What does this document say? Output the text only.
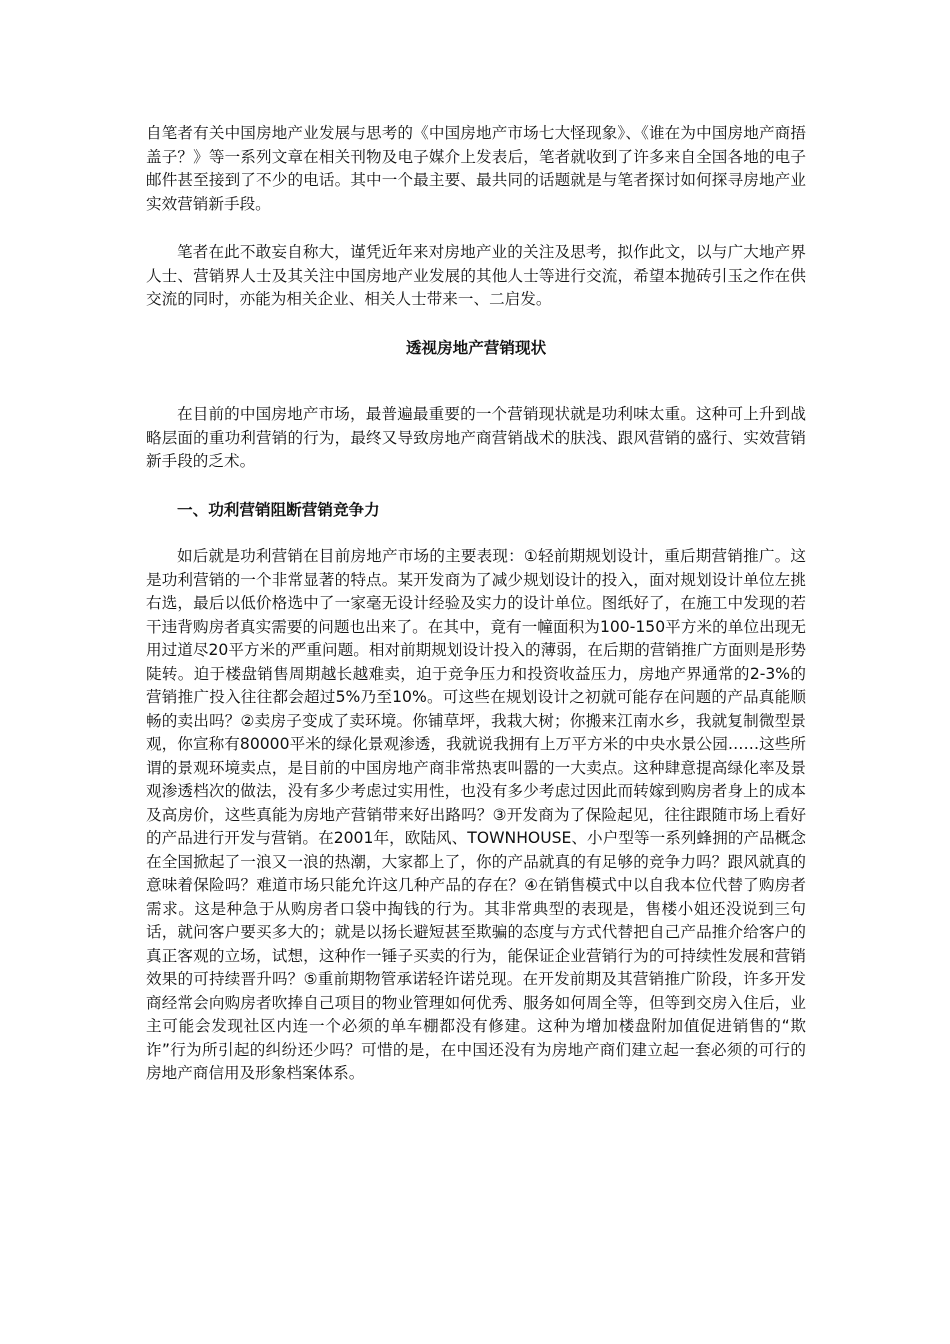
自笔者有关中国房地产业发展与思考的《中国房地产市场七大怪现象》、《谁在为中国房地产商捂盖子？》等一系列文章在相关刊物及电子媒介上发表后，笔者就收到了许多来自全国各地的电子邮件甚至接到了不少的电话。其中一个最主要、最共同的话题就是与笔者探讨如何探寻房地产业实效营销新手段。

笔者在此不敢妄自称大，谨凭近年来对房地产业的关注及思考，拟作此文，以与广大地产界人士、营销界人士及其关注中国房地产业发展的其他人士等进行交流，希望本抛砖引玉之作在供交流的同时，亦能为相关企业、相关人士带来一、二启发。

透视房地产营销现状

在目前的中国房地产市场，最普遍最重要的一个营销现状就是功利味太重。这种可上升到战略层面的重功利营销的行为，最终又导致房地产商营销战术的肤浅、跟风营销的盛行、实效营销新手段的乏术。

一、功利营销阻断营销竞争力

如后就是功利营销在目前房地产市场的主要表现：①轻前期规划设计，重后期营销推广。这是功利营销的一个非常显著的特点。某开发商为了减少规划设计的投入，面对规划设计单位左挑右选，最后以低价格选中了一家毫无设计经验及实力的设计单位。图纸好了，在施工中发现的若干违背购房者真实需要的问题也出来了。在其中，竟有一幢面积为100-150平方米的单位出现无用过道尽20平方米的严重问题。相对前期规划设计投入的薄弱，在后期的营销推广方面则是形势陡转。迫于楼盘销售周期越长越难卖，迫于竞争压力和投资收益压力，房地产界通常的2-3%的营销推广投入往往都会超过5%乃至10%。可这些在规划设计之初就可能存在问题的产品真能顺畅的卖出吗？②卖房子变成了卖环境。你铺草坪，我栽大树；你搬来江南水乡，我就复制微型景观，你宣称有80000平米的绿化景观渗透，我就说我拥有上万平方米的中央水景公园……这些所谓的景观环境卖点，是目前的中国房地产商非常热衷叫嚣的一大卖点。这种肆意提高绿化率及景观渗透档次的做法，没有多少考虑过实用性，也没有多少考虑过因此而转嫁到购房者身上的成本及高房价，这些真能为房地产营销带来好出路吗？③开发商为了保险起见，往往跟随市场上看好的产品进行开发与营销。在2001年，欧陆风、TOWNHOUSE、小户型等一系列蜂拥的产品概念在全国掀起了一浪又一浪的热潮，大家都上了，你的产品就真的有足够的竞争力吗？跟风就真的意味着保险吗？难道市场只能允许这几种产品的存在？④在销售模式中以自我本位代替了购房者需求。这是种急于从购房者口袋中掏钱的行为。其非常典型的表现是，售楼小姐还没说到三句话，就问客户要买多大的；就是以扬长避短甚至欺骗的态度与方式代替把自己产品推介给客户的真正客观的立场，试想，这种作一锤子买卖的行为，能保证企业营销行为的可持续性发展和营销效果的可持续晋升吗？⑤重前期物管承诺轻许诺兑现。在开发前期及其营销推广阶段，许多开发商经常会向购房者吹捧自己项目的物业管理如何优秀、服务如何周全等，但等到交房入住后，业主可能会发现社区内连一个必须的单车棚都没有修建。这种为增加楼盘附加值促进销售的“欺诈”行为所引起的纠纷还少吗？可惜的是，在中国还没有为房地产商们建立起一套必须的可行的房地产商信用及形象档案体系。
